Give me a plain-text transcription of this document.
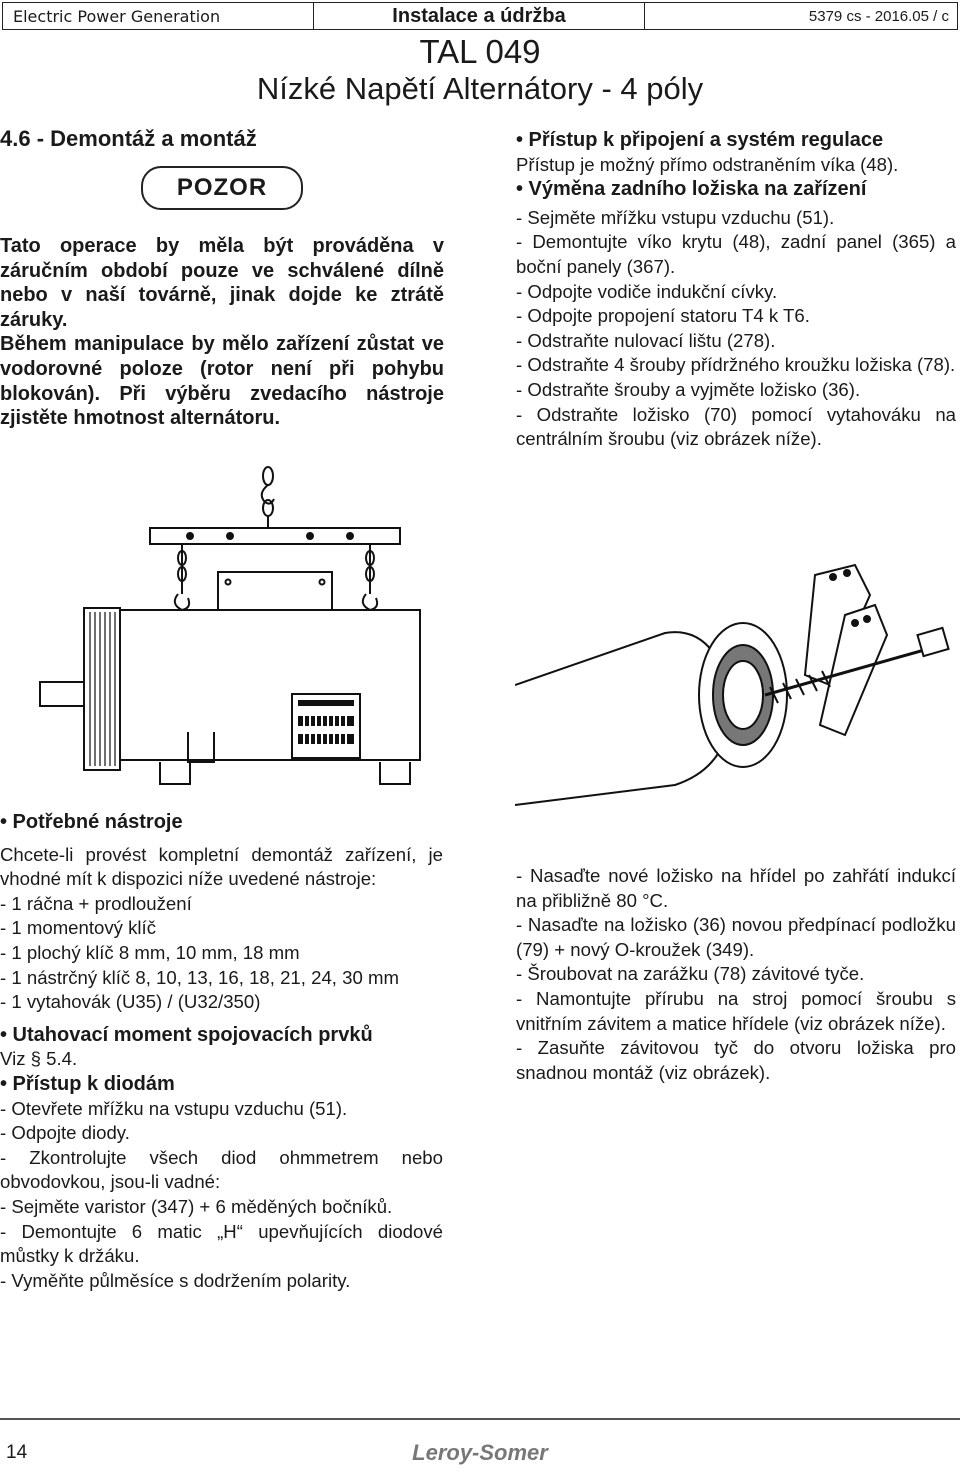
Electric Power Generation	Instalace a údržba	5379 cs - 2016.05 / c
TAL 049
Nízké Napětí Alternátory - 4 póly
4.6 - Demontáž a montáž
POZOR
Tato operace by měla být prováděna v záručním období pouze ve schválené dílně nebo v naší továrně, jinak dojde ke ztrátě záruky.
Během manipulace by mělo zařízení zůstat ve vodorovné poloze (rotor není při pohybu blokován). Při výběru zvedacího nástroje zjistěte hmotnost alternátoru.

• Přístup k připojení a systém regulace

Přístup je možný přímo odstraněním víka (48).

• Výměna zadního ložiska na zařízení

- Sejměte mřížku vstupu vzduchu (51).

- Demontujte víko krytu (48), zadní panel (365) a boční panely (367).

- Odpojte vodiče indukční cívky.

- Odpojte propojení statoru T4 k T6.

- Odstraňte nulovací lištu (278).

- Odstraňte 4 šrouby přídržného kroužku ložiska (78).

- Odstraňte šrouby a vyjměte ložisko (36).

- Odstraňte ložisko (70) pomocí vytahováku na centrálním šroubu (viz obrázek níže).

• Potřebné nástroje

Chcete-li provést kompletní demontáž zařízení, je vhodné mít k dispozici níže uvedené nástroje:

- 1 ráčna + prodloužení

- 1 momentový klíč

- 1 plochý klíč 8 mm, 10 mm, 18 mm

- 1 nástrčný klíč 8, 10, 13, 16, 18, 21, 24, 30 mm

- 1 vytahovák (U35) / (U32/350)

• Utahovací moment spojovacích prvků

Viz § 5.4.

• Přístup k diodám

- Otevřete mřížku na vstupu vzduchu (51).

- Odpojte diody.

- Zkontrolujte všech diod ohmmetrem nebo obvodovkou, jsou-li vadné:

- Sejměte varistor (347) + 6 měděných bočníků.

- Demontujte 6 matic „H“ upevňujících diodové můstky k držáku.

- Vyměňte půlměsíce s dodržením polarity.

- Nasaďte nové ložisko na hřídel po zahřátí indukcí na přibližně 80 °C.

- Nasaďte na ložisko (36) novou předpínací podložku (79) + nový O-kroužek (349).

- Šroubovat na zarážku (78) závitové tyče.

- Namontujte přírubu na stroj pomocí šroubu s vnitřním závitem a matice hřídele (viz obrázek níže).

- Zasuňte závitovou tyč do otvoru ložiska pro snadnou montáž (viz obrázek).

14	Leroy-Somer
